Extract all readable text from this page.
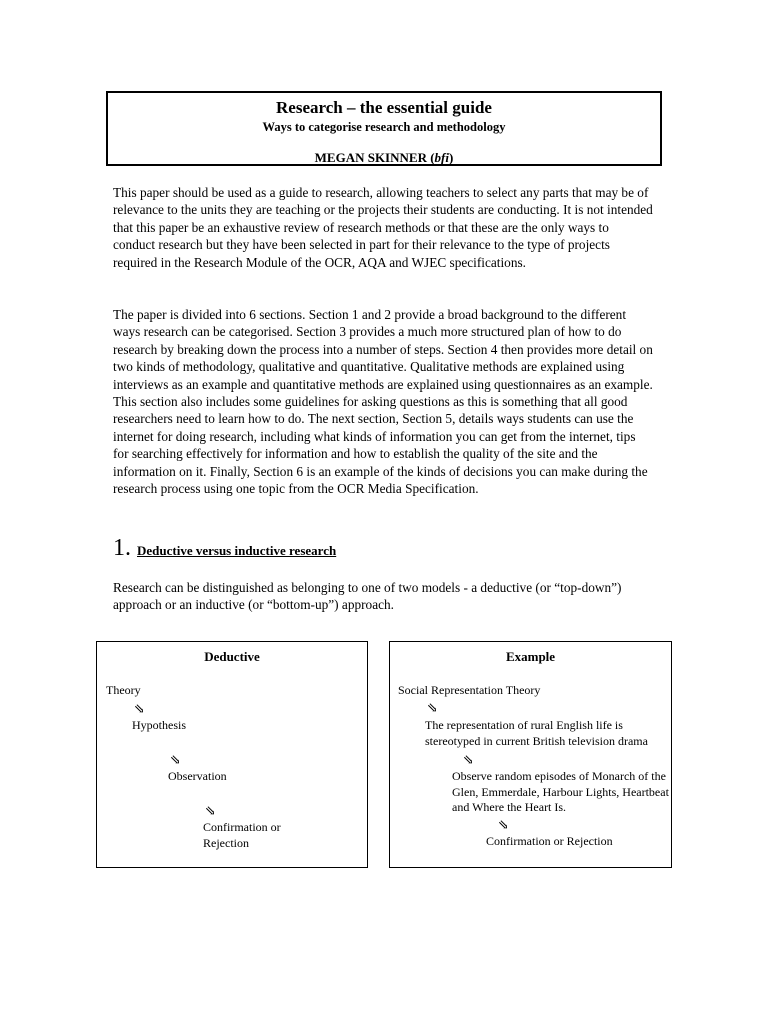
Research – the essential guide
Ways to categorise research and methodology
MEGAN SKINNER (bfi)

This paper should be used as a guide to research, allowing teachers to select any parts that may be of relevance to the units they are teaching or the projects their students are conducting. It is not intended that this paper be an exhaustive review of research methods or that these are the only ways to conduct research but they have been selected in part for their relevance to the type of projects required in the Research Module of the OCR, AQA and WJEC specifications.

The paper is divided into 6 sections. Section 1 and 2 provide a broad background to the different ways research can be categorised. Section 3 provides a much more structured plan of how to do research by breaking down the process into a number of steps. Section 4 then provides more detail on two kinds of methodology, qualitative and quantitative. Qualitative methods are explained using interviews as an example and quantitative methods are explained using questionnaires as an example. This section also includes some guidelines for asking questions as this is something that all good researchers need to learn how to do. The next section, Section 5, details ways students can use the internet for doing research, including what kinds of information you can get from the internet, tips for searching effectively for information and how to establish the quality of the site and the information on it. Finally, Section 6 is an example of the kinds of decisions you can make during the research process using one topic from the OCR Media Specification.

1. Deductive versus inductive research

Research can be distinguished as belonging to one of two models - a deductive (or “top-down”) approach or an inductive (or “bottom-up”) approach.

Deductive
Theory
⇘
Hypothesis
⇘
Observation
⇘
Confirmation or Rejection
Example
Social Representation Theory
⇘
The representation of rural English life is stereotyped in current British television drama
⇘
Observe random episodes of Monarch of the Glen, Emmerdale, Harbour Lights, Heartbeat and Where the Heart Is.
⇘
Confirmation or Rejection
